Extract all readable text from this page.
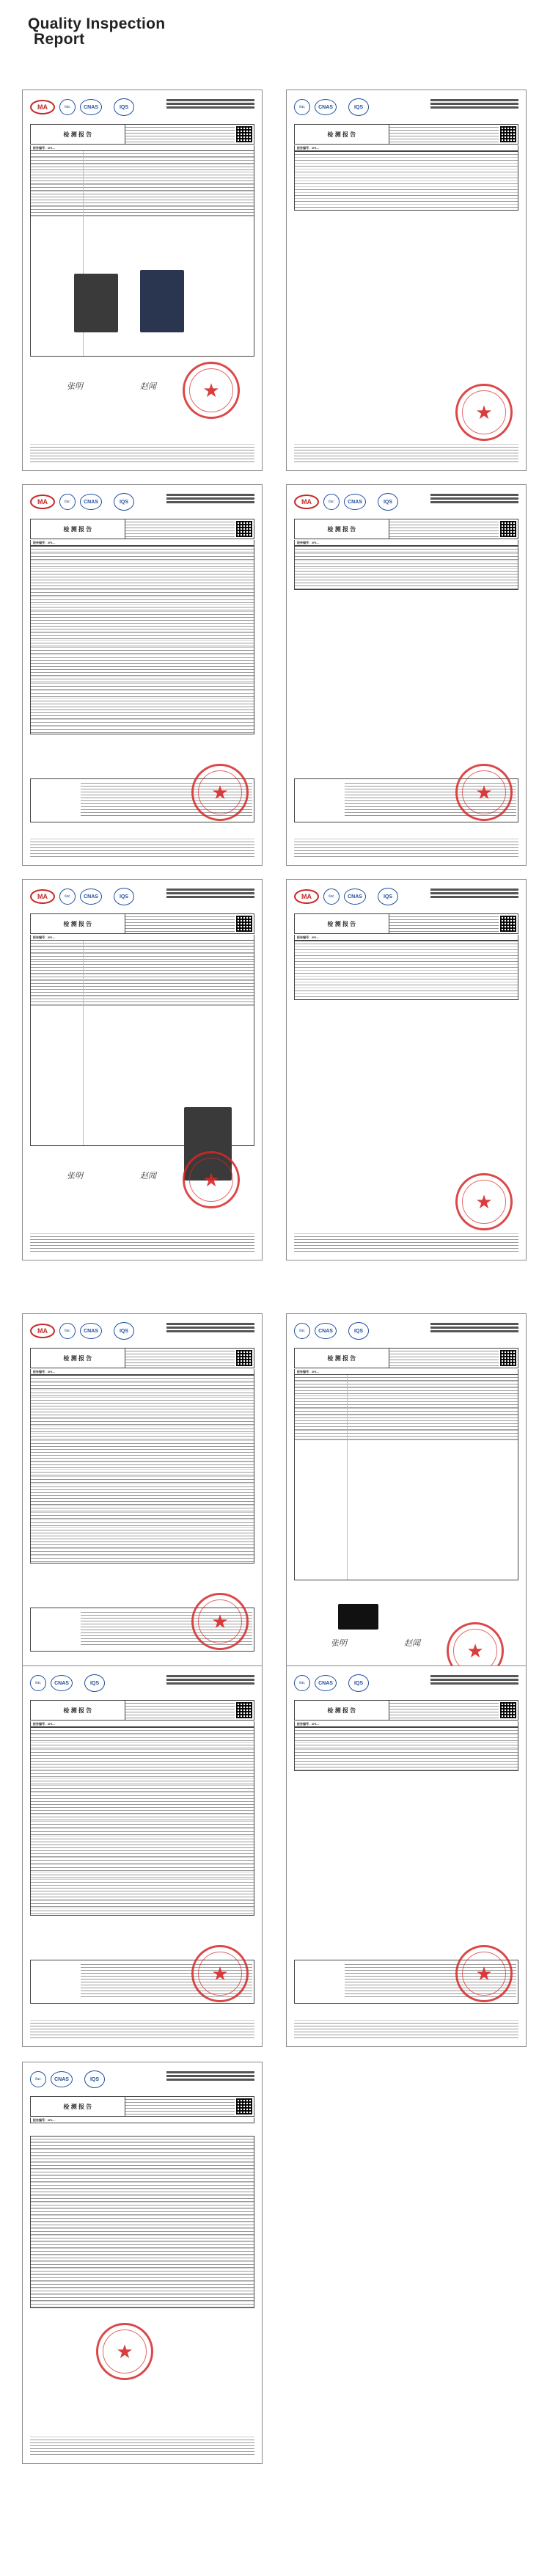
Quality Inspection
Report
MA	ilac	CNAS	IQS
检 测 报 告
报告编号：2FL...
张明	赵闻 ★
ilac	CNAS	IQS
检 测 报 告
报告编号：2FL...
★
MA	ilac	CNAS	IQS
检 测 报 告
报告编号：2FL...
★
MA	ilac	CNAS	IQS
检 测 报 告
报告编号：2FL...
★
MA	ilac	CNAS	IQS
检 测 报 告
报告编号：2FL...
张明	赵闻 ★
MA	ilac	CNAS	IQS
检 测 报 告
报告编号：2FL...
★
MA	ilac	CNAS	IQS
检 测 报 告
报告编号：2FL...
★
ilac	CNAS	IQS
检 测 报 告
报告编号：2FL...
张明	赵闻 ★
ilac	CNAS	IQS
检 测 报 告
报告编号：2FL...
★
ilac	CNAS	IQS
检 测 报 告
报告编号：2FL...
★
ilac	CNAS	IQS
检 测 报 告
报告编号：2FL...
★
